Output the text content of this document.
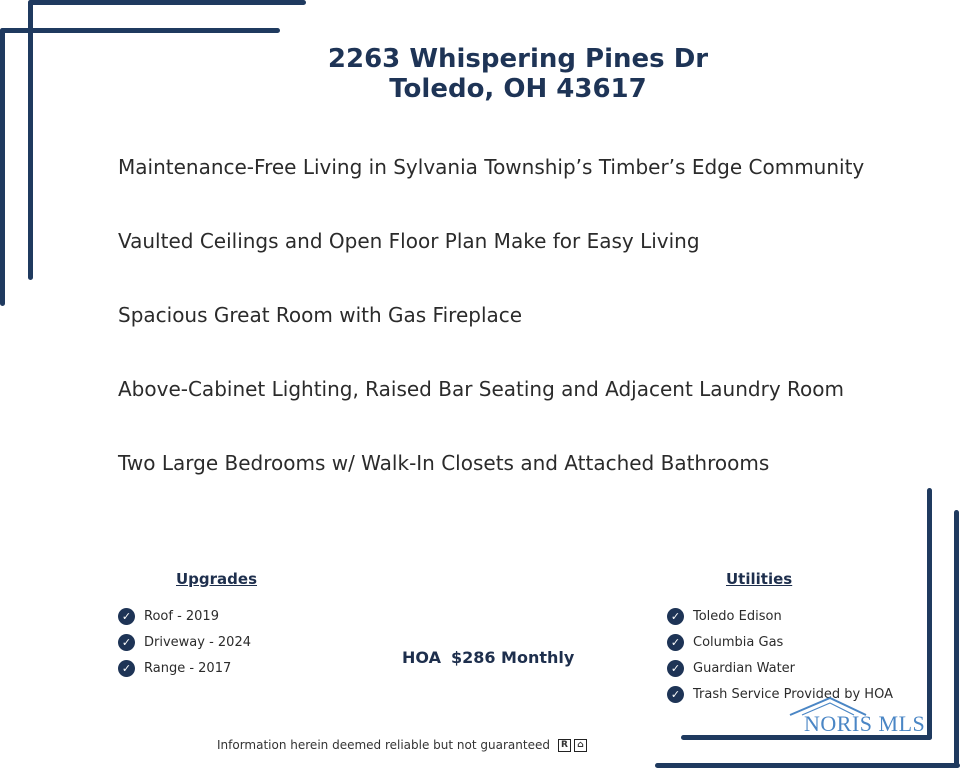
2263 Whispering Pines Dr
Toledo, OH 43617
Maintenance-Free Living in Sylvania Township’s Timber’s Edge Community
Vaulted Ceilings and Open Floor Plan Make for Easy Living
Spacious Great Room with Gas Fireplace
Above-Cabinet Lighting, Raised Bar Seating and Adjacent Laundry Room
Two Large Bedrooms w/ Walk-In Closets and Attached Bathrooms
Upgrades
✓ Roof - 2019
✓ Driveway - 2024
✓ Range - 2017
HOA $286 Monthly
Utilities
✓ Toledo Edison
✓ Columbia Gas
✓ Guardian Water
✓ Trash Service Provided by HOA
Information herein deemed reliable but not guaranteed	R	⌂
NORIS MLS
